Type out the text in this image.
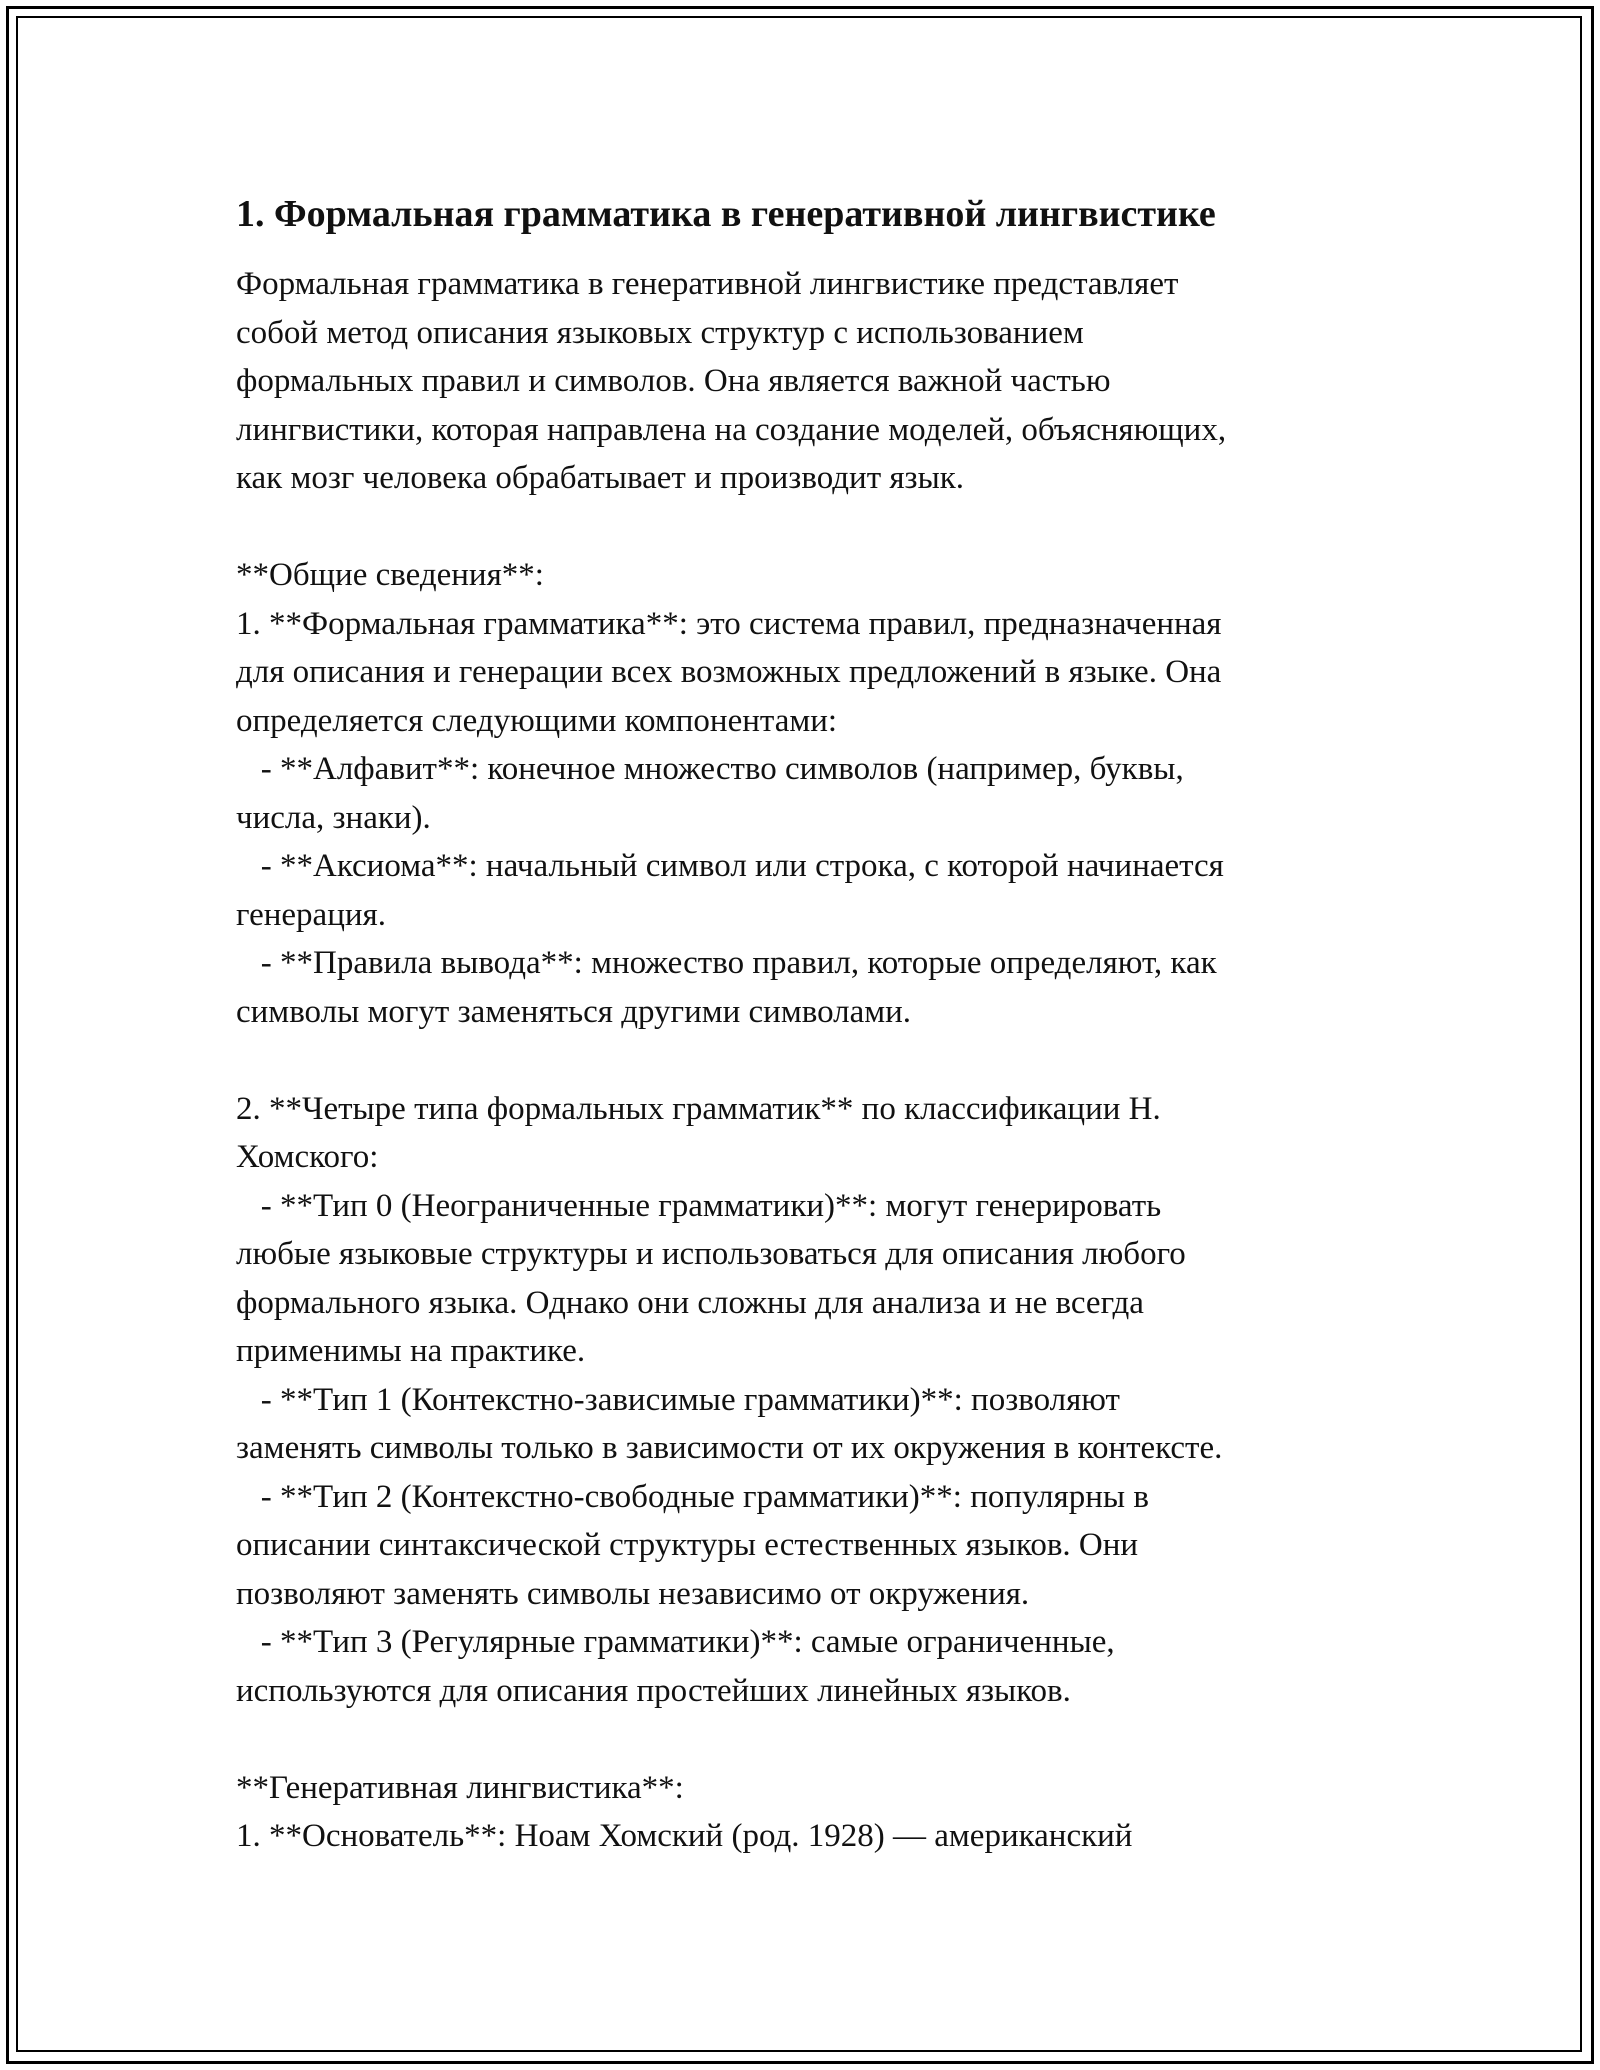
1. Формальная грамматика в генеративной лингвистике
Формальная грамматика в генеративной лингвистике представляет
собой метод описания языковых структур с использованием
формальных правил и символов. Она является важной частью
лингвистики, которая направлена на создание моделей, объясняющих,
как мозг человека обрабатывает и производит язык.

**Общие сведения**:
1. **Формальная грамматика**: это система правил, предназначенная
для описания и генерации всех возможных предложений в языке. Она
определяется следующими компонентами:
- **Алфавит**: конечное множество символов (например, буквы,
числа, знаки).
- **Аксиома**: начальный символ или строка, с которой начинается
генерация.
- **Правила вывода**: множество правил, которые определяют, как
символы могут заменяться другими символами.

2. **Четыре типа формальных грамматик** по классификации Н.
Хомского:
- **Тип 0 (Неограниченные грамматики)**: могут генерировать
любые языковые структуры и использоваться для описания любого
формального языка. Однако они сложны для анализа и не всегда
применимы на практике.
- **Тип 1 (Контекстно-зависимые грамматики)**: позволяют
заменять символы только в зависимости от их окружения в контексте.
- **Тип 2 (Контекстно-свободные грамматики)**: популярны в
описании синтаксической структуры естественных языков. Они
позволяют заменять символы независимо от окружения.
- **Тип 3 (Регулярные грамматики)**: самые ограниченные,
используются для описания простейших линейных языков.

**Генеративная лингвистика**:
1. **Основатель**: Ноам Хомский (род. 1928) — американский
